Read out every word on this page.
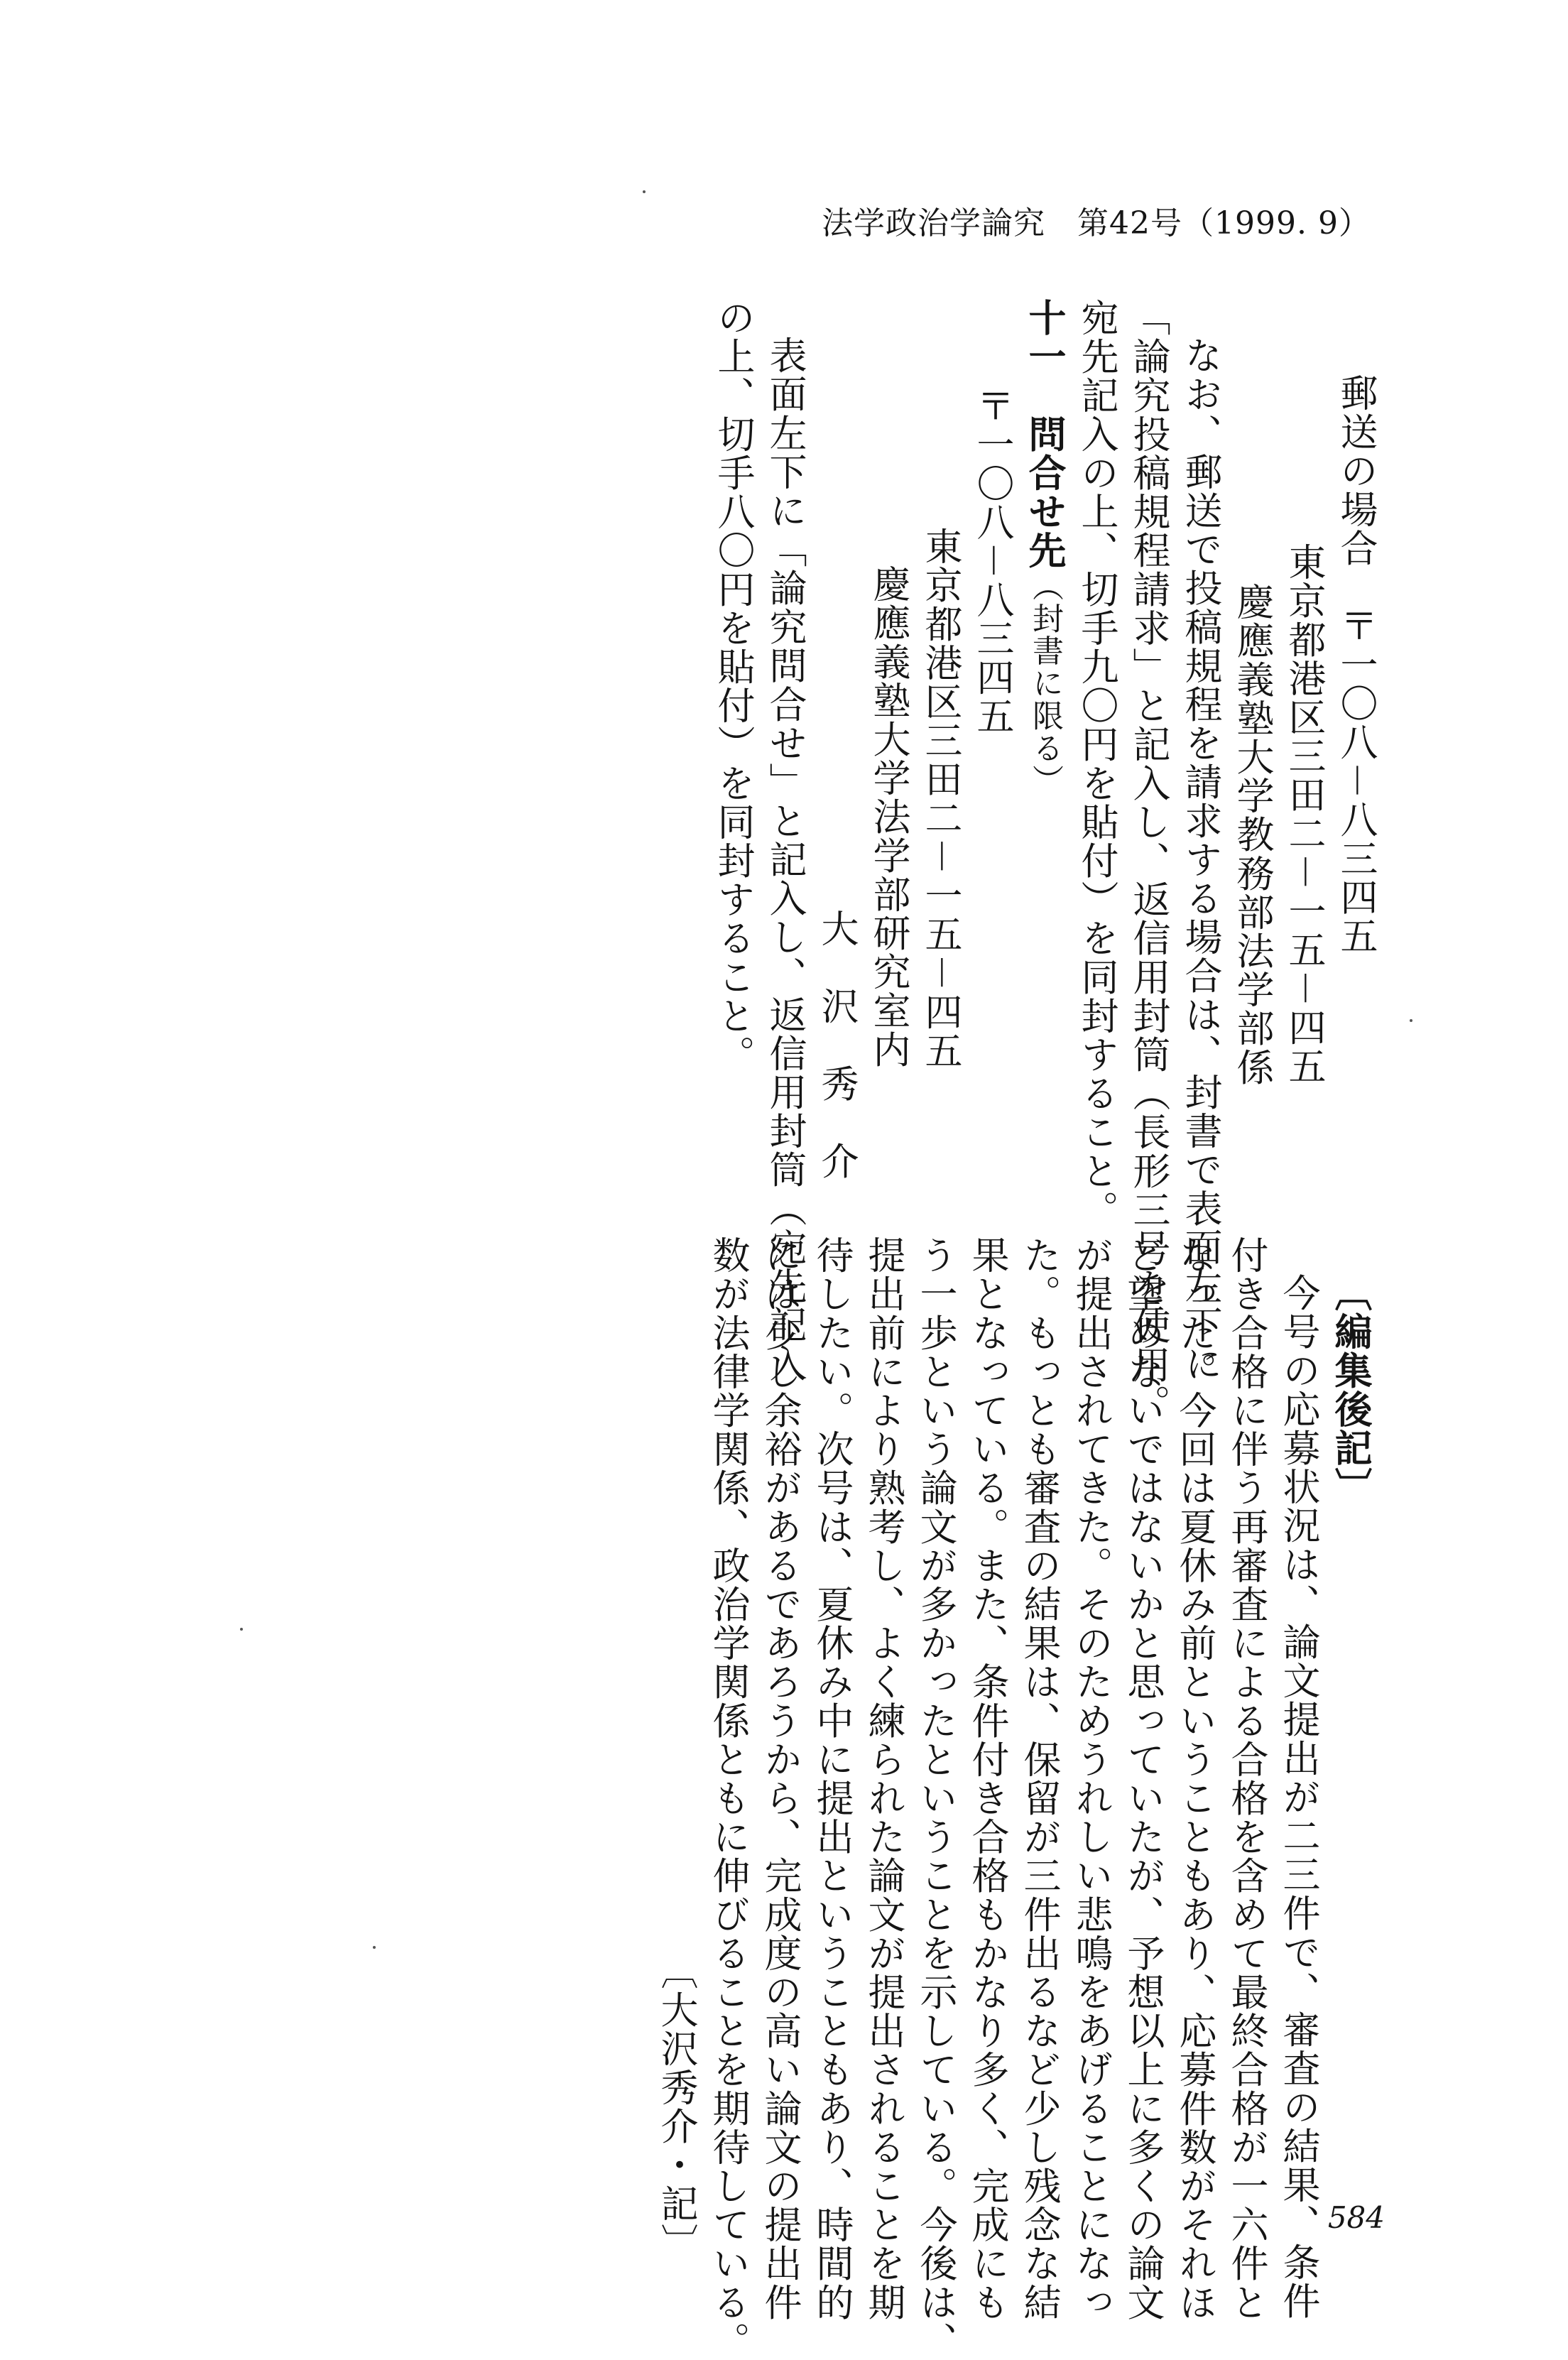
法学政治学論究　第42号（1999. 9）

郵送の場合　〒一〇八－八三四五

東京都港区三田二－一五－四五

慶應義塾大学教務部法学部係

なお、郵送で投稿規程を請求する場合は、封書で表面左下に

「論究投稿規程請求」と記入し、返信用封筒（長形三号を使用。

宛先記入の上、切手九〇円を貼付）を同封すること。

十一　問合せ先（封書に限る）

〒一〇八－八三四五

東京都港区三田二－一五－四五

慶應義塾大学法学部研究室内

大　沢　秀　介

表面左下に「論究問合せ」と記入し、返信用封筒（宛先記入

の上、切手八〇円を貼付）を同封すること。

〔編集後記〕

今号の応募状況は、論文提出が二三件で、審査の結果、条件

付き合格に伴う再審査による合格を含めて最終合格が一六件と

なった。今回は夏休み前ということもあり、応募件数がそれほ

ど望めないではないかと思っていたが、予想以上に多くの論文

が提出されてきた。そのためうれしい悲鳴をあげることになっ

た。もっとも審査の結果は、保留が三件出るなど少し残念な結

果となっている。また、条件付き合格もかなり多く、完成にも

う一歩という論文が多かったということを示している。今後は、

提出前により熟考し、よく練られた論文が提出されることを期

待したい。次号は、夏休み中に提出ということもあり、時間的

には少し余裕があるであろうから、完成度の高い論文の提出件

数が法律学関係、政治学関係ともに伸びることを期待している。

〔大沢秀介・記〕	584
